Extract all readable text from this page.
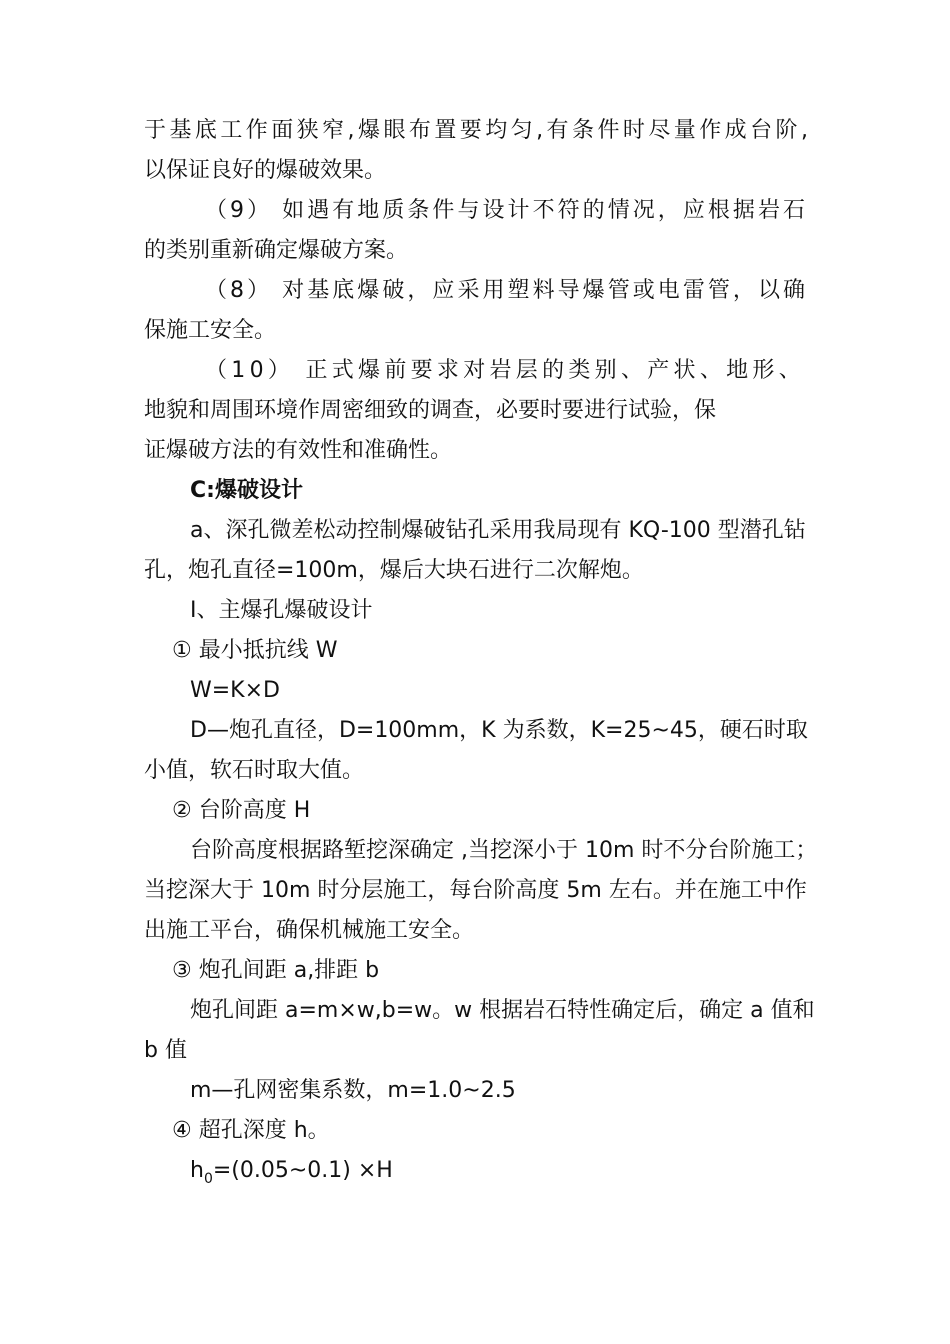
于基底工作面狭窄,爆眼布置要均匀,有条件时尽量作成台阶,
以保证良好的爆破效果。
（9） 如遇有地质条件与设计不符的情况，应根据岩石
的类别重新确定爆破方案。
（8） 对基底爆破，应采用塑料导爆管或电雷管，以确
保施工安全。
（10） 正式爆前要求对岩层的类别、产状、地形、
地貌和周围环境作周密细致的调查，必要时要进行试验，保
证爆破方法的有效性和准确性。
C:爆破设计
a、深孔微差松动控制爆破钻孔采用我局现有 KQ-100 型潜孔钻
孔，炮孔直径=100m，爆后大块石进行二次解炮。
I、主爆孔爆破设计
① 最小抵抗线 W
W=K×D
D—炮孔直径，D=100mm，K 为系数，K=25~45，硬石时取
小值，软石时取大值。
② 台阶高度 H
台阶高度根据路堑挖深确定 ,当挖深小于 10m 时不分台阶施工；
当挖深大于 10m 时分层施工，每台阶高度 5m 左右。并在施工中作
出施工平台，确保机械施工安全。
③ 炮孔间距 a,排距 b
炮孔间距 a=m×w,b=w。w 根据岩石特性确定后，确定 a 值和
b 值
m—孔网密集系数，m=1.0~2.5
④ 超孔深度 h。
$h_0=(0.05\sim 0.1) \times H$
